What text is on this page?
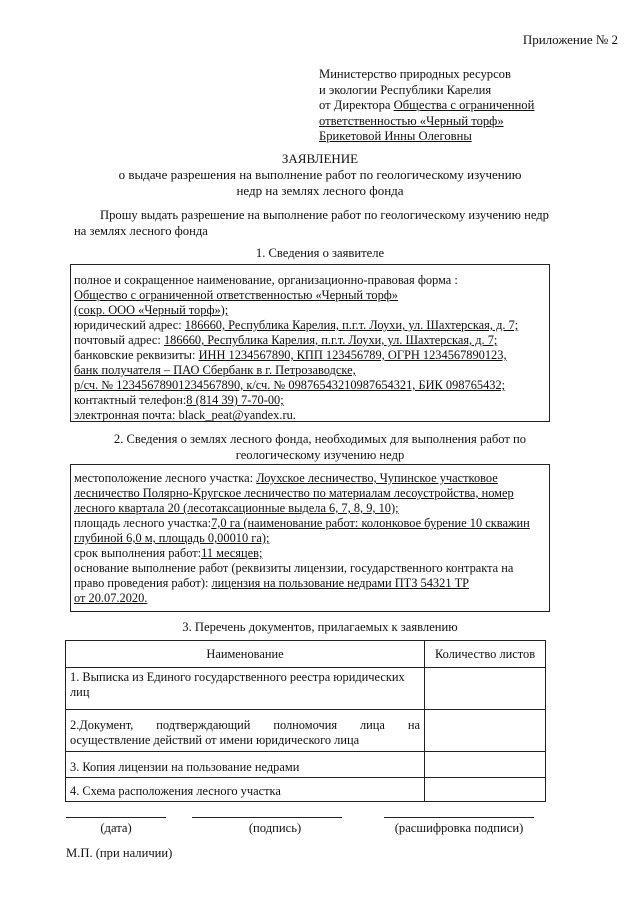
Приложение № 2
Министерство природных ресурсов
и экологии Республики Карелия
от Директора Общества с ограниченной
ответственностью «Черный торф»
Брикетовой Инны Олеговны
ЗАЯВЛЕНИЕ
о выдаче разрешения на выполнение работ по геологическому изучению
недр на землях лесного фонда
Прошу выдать разрешение на выполнение работ по геологическому изучению недр на землях лесного фонда
1. Сведения о заявителе
полное и сокращенное наименование, организационно-правовая форма :
Общество с ограниченной ответственностью «Черный торф»
(сокр. ООО «Черный торф»);
юридический адрес: 186660, Республика Карелия, п.г.т. Лоухи, ул. Шахтерская, д. 7;
почтовый адрес: 186660, Республика Карелия, п.г.т. Лоухи, ул. Шахтерская, д. 7;
банковские реквизиты: ИНН 1234567890, КПП 123456789, ОГРН 1234567890123,
банк получателя – ПАО Сбербанк в г. Петрозаводске,
р/сч. № 12345678901234567890, к/сч. № 09876543210987654321, БИК 098765432;
контактный телефон:8 (814 39) 7-70-00;
электронная почта: black_peat@yandex.ru.
2. Сведения о землях лесного фонда, необходимых для выполнения работ по
геологическому изучению недр
местоположение лесного участка: Лоухское лесничество, Чупинское участковое
лесничество Полярно-Кругское лесничество по материалам лесоустройства, номер
лесного квартала 20 (лесотаксационные выдела 6, 7, 8, 9, 10);
площадь лесного участка:7,0 га (наименование работ: колонковое бурение 10 скважин
глубиной 6,0 м, площадь 0,00010 га);
срок выполнения работ:11 месяцев;
основание выполнение работ (реквизиты лицензии, государственного контракта на
право проведения работ): лицензия на пользование недрами ПТЗ 54321 ТР
от 20.07.2020.
3. Перечень документов, прилагаемых к заявлению
Наименование	Количество листов

1. Выписка из Единого государственного реестра юридических
лиц	

2.Документ, подтверждающий полномочия лица на
осуществление действий от имени юридического лица	

3. Копия лицензии на пользование недрами	

4. Схема расположения лесного участка	

(дата)	(подпись)	(расшифровка подписи)
М.П. (при наличии)
